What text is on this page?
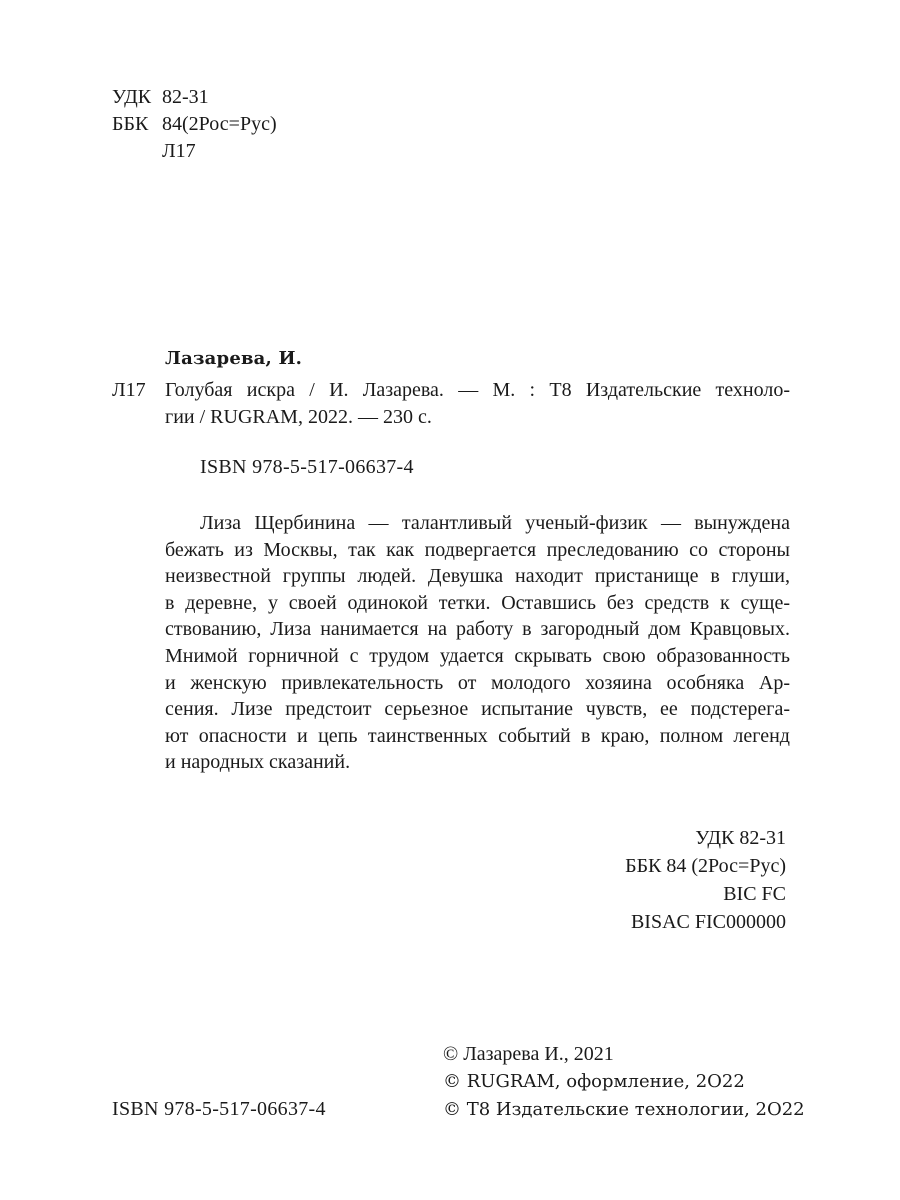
УДК 82-31
ББК 84(2Рос=Рус)
Л17
Лазарева, И.
Л17 Голубая искра / И. Лазарева. — М. : Т8 Издательские техноло-
гии / RUGRAM, 2022. — 230 с.
ISBN 978-5-517-06637-4
Лиза Щербинина — талантливый ученый-физик — вынуждена
бежать из Москвы, так как подвергается преследованию со стороны
неизвестной группы людей. Девушка находит пристанище в глуши,
в деревне, у своей одинокой тетки. Оставшись без средств к суще-
ствованию, Лиза нанимается на работу в загородный дом Кравцовых.
Мнимой горничной с трудом удается скрывать свою образованность
и женскую привлекательность от молодого хозяина особняка Ар-
сения. Лизе предстоит серьезное испытание чувств, ее подстерега-
ют опасности и цепь таинственных событий в краю, полном легенд
и народных сказаний.
УДК 82-31
ББК 84 (2Рос=Рус)
BIC FC
BISAC FIC000000
ISBN 978-5-517-06637-4
© Лазарева И., 2021
© RUGRAM, оформление, 2O22
© Т8 Издательские технологии, 2O22
